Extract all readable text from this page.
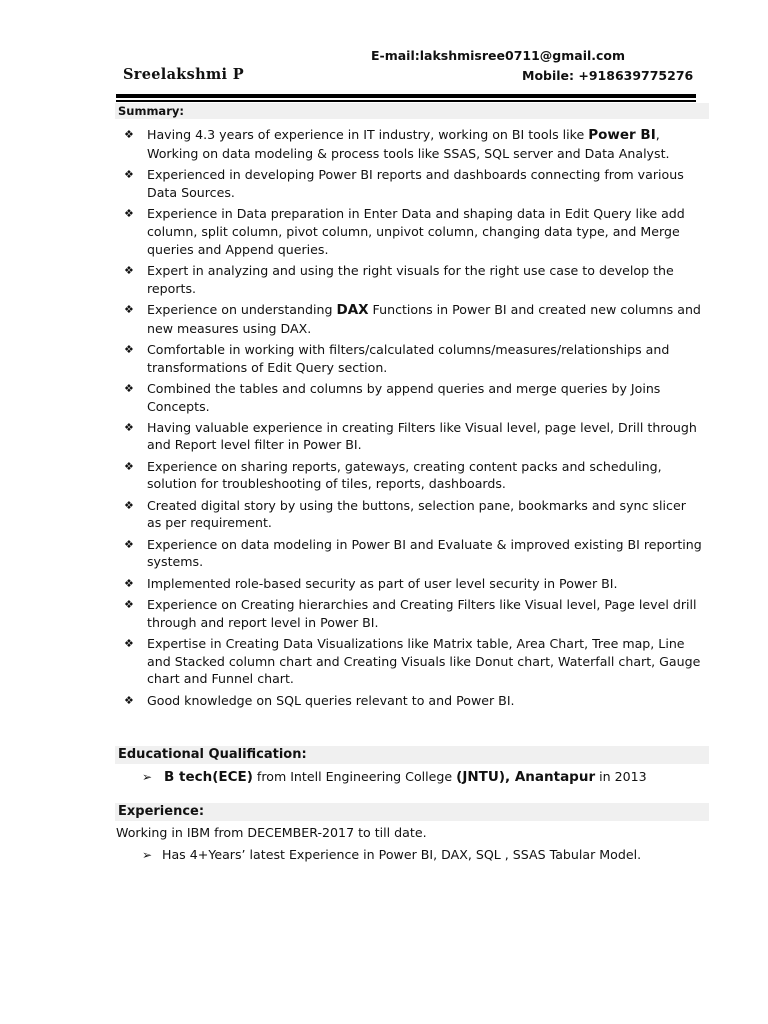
E-mail:lakshmisree0711@gmail.com
Sreelakshmi P	Mobile: +918639775276
Summary:
❖ Having 4.3 years of experience in IT industry, working on BI tools like Power BI, Working on data modeling & process tools like SSAS, SQL server and Data Analyst.
❖ Experienced in developing Power BI reports and dashboards connecting from various Data Sources.
❖ Experience in Data preparation in Enter Data and shaping data in Edit Query like add column, split column, pivot column, unpivot column, changing data type, and Merge queries and Append queries.
❖ Expert in analyzing and using the right visuals for the right use case to develop the reports.
❖ Experience on understanding DAX Functions in Power BI and created new columns and new measures using DAX.
❖ Comfortable in working with filters/calculated columns/measures/relationships and transformations of Edit Query section.
❖ Combined the tables and columns by append queries and merge queries by Joins Concepts.
❖ Having valuable experience in creating Filters like Visual level, page level, Drill through and Report level filter in Power BI.
❖ Experience on sharing reports, gateways, creating content packs and scheduling, solution for troubleshooting of tiles, reports, dashboards.
❖ Created digital story by using the buttons, selection pane, bookmarks and sync slicer as per requirement.
❖ Experience on data modeling in Power BI and Evaluate & improved existing BI reporting systems.
❖ Implemented role-based security as part of user level security in Power BI.
❖ Experience on Creating hierarchies and Creating Filters like Visual level, Page level drill through and report level in Power BI.
❖ Expertise in Creating Data Visualizations like Matrix table, Area Chart, Tree map, Line and Stacked column chart and Creating Visuals like Donut chart, Waterfall chart, Gauge chart and Funnel chart.
❖ Good knowledge on SQL queries relevant to and Power BI.
Educational Qualification:
➢ B tech(ECE) from Intell Engineering College (JNTU), Anantapur in 2013
Experience:
Working in IBM from DECEMBER-2017 to till date.
➢ Has 4+Years’ latest Experience in Power BI, DAX, SQL , SSAS Tabular Model.
